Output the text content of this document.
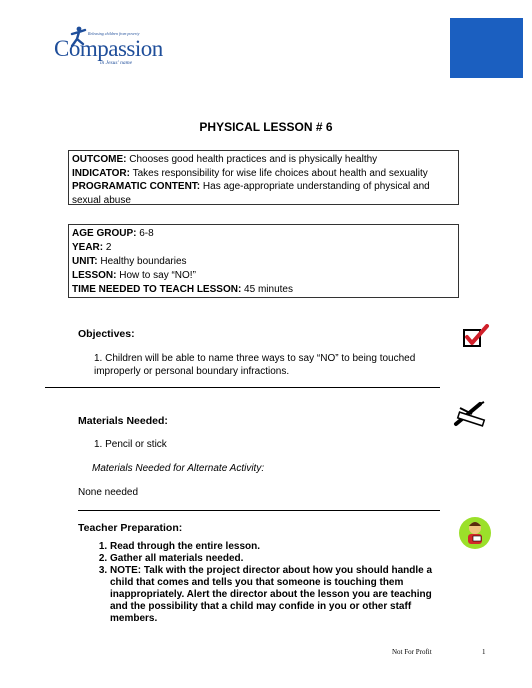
Releasing children from poverty
Compassion
in Jesus' name
PHYSICAL LESSON # 6
OUTCOME: Chooses good health practices and is physically healthy
INDICATOR: Takes responsibility for wise life choices about health and sexuality
PROGRAMATIC CONTENT: Has age-appropriate understanding of physical and sexual abuse
AGE GROUP: 6-8
YEAR: 2
UNIT: Healthy boundaries
LESSON: How to say “NO!”
TIME NEEDED TO TEACH LESSON: 45 minutes
Objectives:
1. Children will be able to name three ways to say “NO” to being touched improperly or personal boundary infractions.
Materials Needed:
1. Pencil or stick
Materials Needed for Alternate Activity:
None needed
Teacher Preparation:
1. Read through the entire lesson.
2. Gather all materials needed.
3. NOTE: Talk with the project director about how you should handle a child that comes and tells you that someone is touching them inappropriately. Alert the director about the lesson you are teaching and the possibility that a child may confide in you or other staff members.
Not For Profit	1
